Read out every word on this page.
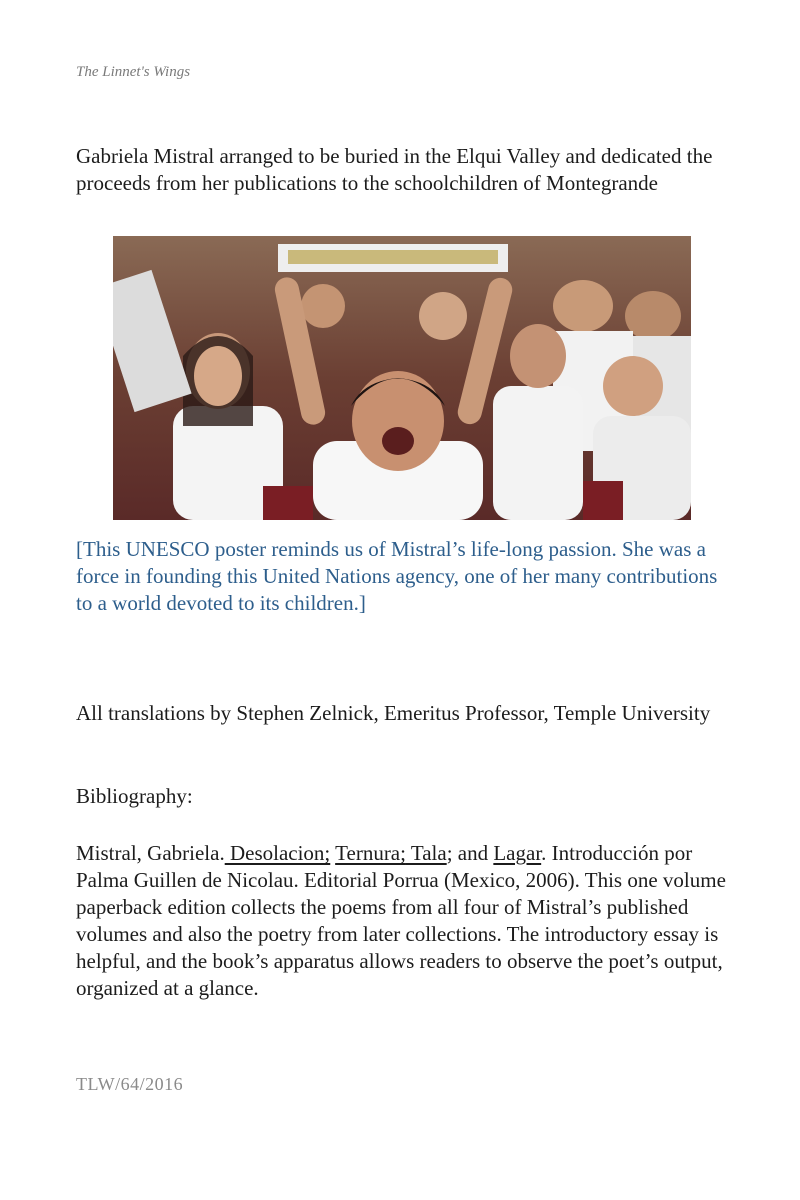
The Linnet's Wings
Gabriela Mistral arranged to be buried in the Elqui Valley and dedicated the proceeds from her publications to the schoolchildren of Montegrande
[This UNESCO poster reminds us of Mistral’s life-long passion. She was a force in founding this United Nations agency, one of her many contributions to a world devoted to its children.]
All translations by Stephen Zelnick, Emeritus Professor, Temple University
Bibliography:
Mistral, Gabriela. Desolacion; Ternura; Tala; and Lagar. Introducción por Palma Guillen de Nicolau. Editorial Porrua (Mexico, 2006). This one volume paperback edition collects the poems from all four of Mistral’s published volumes and also the poetry from later collections. The introductory essay is helpful, and the book’s apparatus allows readers to observe the poet’s output, organized at a glance.
TLW/64/2016
